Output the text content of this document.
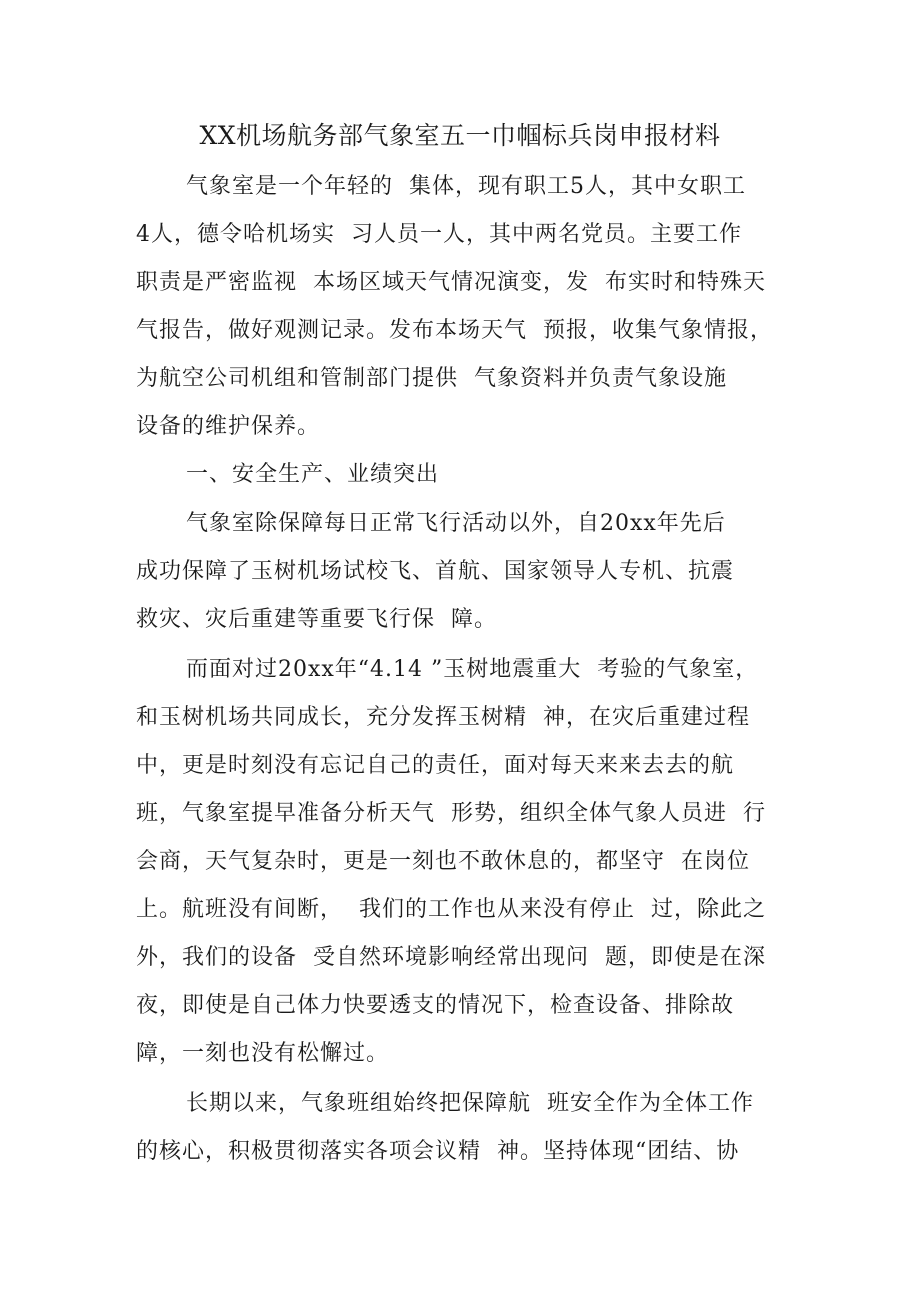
XX机场航务部气象室五一巾帼标兵岗申报材料
气象室是一个年轻的  集体，现有职工5人，其中女职工
4人，德令哈机场实  习人员一人，其中两名党员。主要工作
职责是严密监视  本场区域天气情况演变，发  布实时和特殊天
气报告，做好观测记录。发布本场天气  预报，收集气象情报，
为航空公司机组和管制部门提供  气象资料并负责气象设施
设备的维护保养。
一、安全生产、业绩突出
气象室除保障每日正常飞行活动以外，自20xx年先后
成功保障了玉树机场试校飞、首航、国家领导人专机、抗震
救灾、灾后重建等重要飞行保  障。
而面对过20xx年“4.14 ”玉树地震重大  考验的气象室，
和玉树机场共同成长，充分发挥玉树精  神，在灾后重建过程
中，更是时刻没有忘记自己的责任，面对每天来来去去的航
班，气象室提早准备分析天气  形势，组织全体气象人员进  行
会商，天气复杂时，更是一刻也不敢休息的，都坚守  在岗位
上。航班没有间断，  我们的工作也从来没有停止  过，除此之
外，我们的设备  受自然环境影响经常出现问  题，即使是在深
夜，即使是自己体力快要透支的情况下，检查设备、排除故
障，一刻也没有松懈过。
长期以来，气象班组始终把保障航  班安全作为全体工作
的核心，积极贯彻落实各项会议精  神。坚持体现“团结、协
